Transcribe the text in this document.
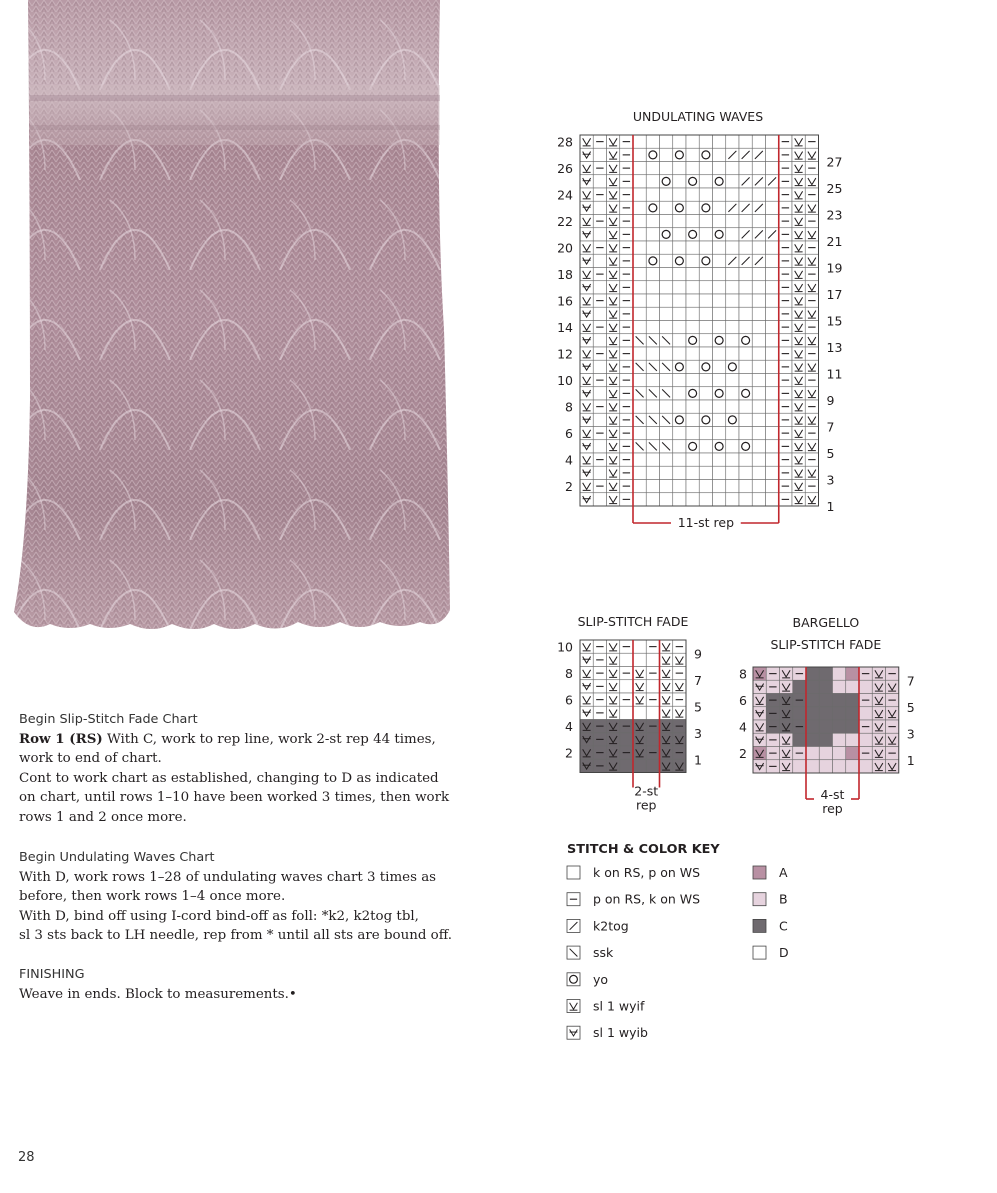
Begin Slip-Stitch Fade Chart
Row 1 (RS) With C, work to rep line, work 2-st rep 44 times,
work to end of chart.
Cont to work chart as established, changing to D as indicated
on chart, until rows 1–10 have been worked 3 times, then work
rows 1 and 2 once more.
Begin Undulating Waves Chart
With D, work rows 1–28 of undulating waves chart 3 times as
before, then work rows 1–4 once more.
With D, bind off using I-cord bind-off as foll: *k2, k2tog tbl,
sl 3 sts back to LH needle, rep from * until all sts are bound off.
FINISHING
Weave in ends. Block to measurements.•
28
UNDULATING WAVES
11-st rep
28
26
24
22
20
18
16
14
12
10
8
6
4
2
27
25
23
21
19
17
15
13
11
9
7
5
3
1
SLIP-STITCH FADE
2-st
rep
10
8
6
4
2
9
7
5
3
1
BARGELLO
SLIP-STITCH FADE
4-st
rep
8
6
4
2
7
5
3
1
STITCH & COLOR KEY
k on RS, p on WS
p on RS, k on WS
k2tog
ssk
yo
sl 1 wyif
sl 1 wyib
A
B
C
D
